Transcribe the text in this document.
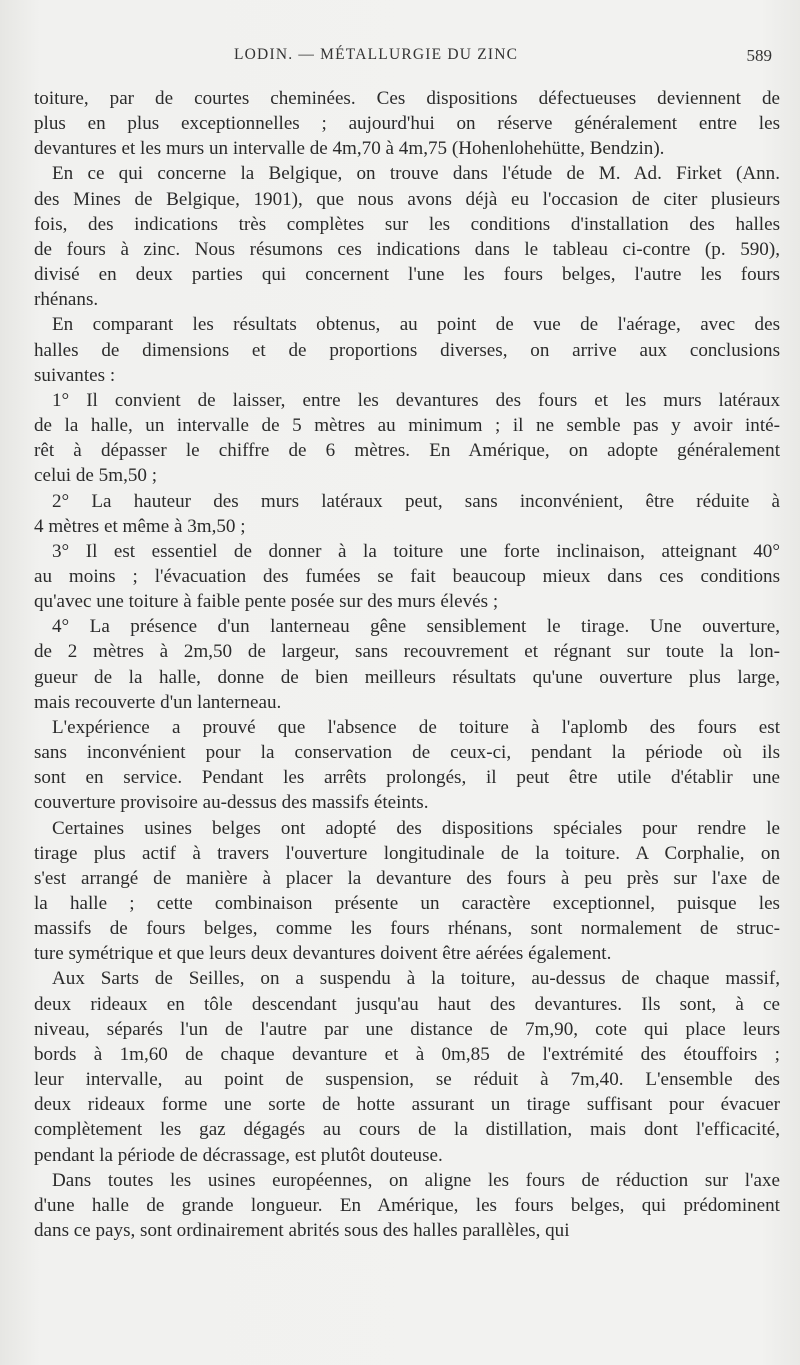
LODIN. — MÉTALLURGIE DU ZINC	589

toiture, par de courtes cheminées. Ces dispositions défectueuses deviennent de
plus en plus exceptionnelles ; aujourd'hui on réserve généralement entre les
devantures et les murs un intervalle de 4m,70 à 4m,75 (Hohenlohehütte, Bendzin).

En ce qui concerne la Belgique, on trouve dans l'étude de M. Ad. Firket (Ann.
des Mines de Belgique, 1901), que nous avons déjà eu l'occasion de citer plusieurs
fois, des indications très complètes sur les conditions d'installation des halles
de fours à zinc. Nous résumons ces indications dans le tableau ci-contre (p. 590),
divisé en deux parties qui concernent l'une les fours belges, l'autre les fours
rhénans.

En comparant les résultats obtenus, au point de vue de l'aérage, avec des
halles de dimensions et de proportions diverses, on arrive aux conclusions
suivantes :

1° Il convient de laisser, entre les devantures des fours et les murs latéraux
de la halle, un intervalle de 5 mètres au minimum ; il ne semble pas y avoir inté-
rêt à dépasser le chiffre de 6 mètres. En Amérique, on adopte généralement
celui de 5m,50 ;

2° La hauteur des murs latéraux peut, sans inconvénient, être réduite à
4 mètres et même à 3m,50 ;

3° Il est essentiel de donner à la toiture une forte inclinaison, atteignant 40°
au moins ; l'évacuation des fumées se fait beaucoup mieux dans ces conditions
qu'avec une toiture à faible pente posée sur des murs élevés ;

4° La présence d'un lanterneau gêne sensiblement le tirage. Une ouverture,
de 2 mètres à 2m,50 de largeur, sans recouvrement et régnant sur toute la lon-
gueur de la halle, donne de bien meilleurs résultats qu'une ouverture plus large,
mais recouverte d'un lanterneau.

L'expérience a prouvé que l'absence de toiture à l'aplomb des fours est
sans inconvénient pour la conservation de ceux-ci, pendant la période où ils
sont en service. Pendant les arrêts prolongés, il peut être utile d'établir une
couverture provisoire au-dessus des massifs éteints.

Certaines usines belges ont adopté des dispositions spéciales pour rendre le
tirage plus actif à travers l'ouverture longitudinale de la toiture. A Corphalie, on
s'est arrangé de manière à placer la devanture des fours à peu près sur l'axe de
la halle ; cette combinaison présente un caractère exceptionnel, puisque les
massifs de fours belges, comme les fours rhénans, sont normalement de struc-
ture symétrique et que leurs deux devantures doivent être aérées également.

Aux Sarts de Seilles, on a suspendu à la toiture, au-dessus de chaque massif,
deux rideaux en tôle descendant jusqu'au haut des devantures. Ils sont, à ce
niveau, séparés l'un de l'autre par une distance de 7m,90, cote qui place leurs
bords à 1m,60 de chaque devanture et à 0m,85 de l'extrémité des étouffoirs ;
leur intervalle, au point de suspension, se réduit à 7m,40. L'ensemble des
deux rideaux forme une sorte de hotte assurant un tirage suffisant pour évacuer
complètement les gaz dégagés au cours de la distillation, mais dont l'efficacité,
pendant la période de décrassage, est plutôt douteuse.

Dans toutes les usines européennes, on aligne les fours de réduction sur l'axe
d'une halle de grande longueur. En Amérique, les fours belges, qui prédominent
dans ce pays, sont ordinairement abrités sous des halles parallèles, qui
